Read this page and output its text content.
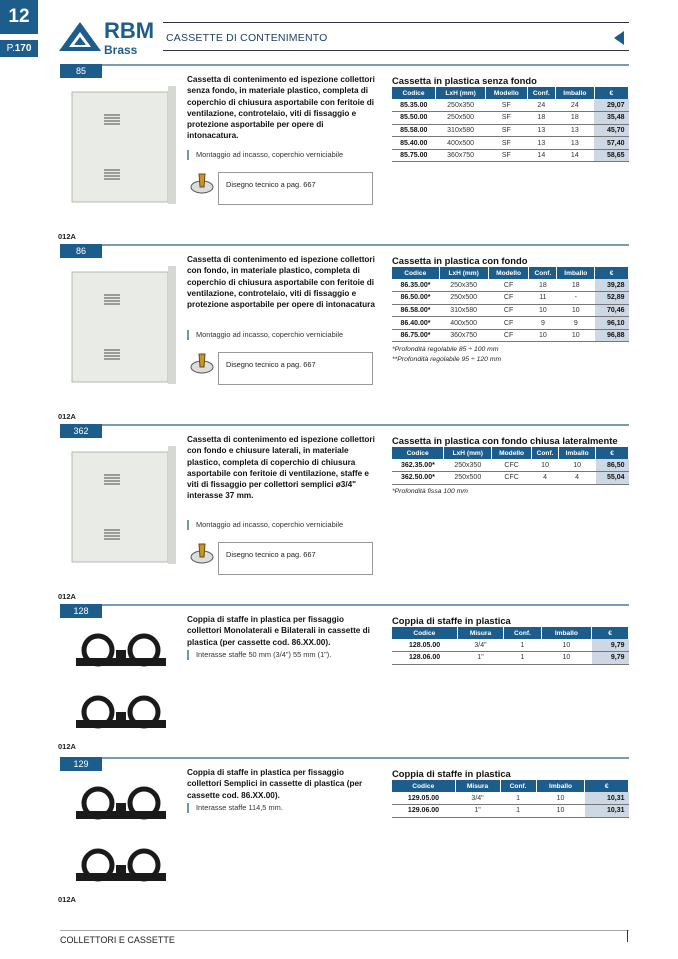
12
P.170
RBM
Brass
CASSETTE DI CONTENIMENTO
85
Cassetta di contenimento ed ispezione collettori senza fondo, in materiale plastico, completa di coperchio di chiusura asportabile con feritoie di ventilazione, controtelaio, viti di fissaggio e protezione asportabile per opere di intonacatura.
Montaggio ad incasso, coperchio verniciabile
Disegno tecnico a pag. 667
Cassetta in plastica senza fondo
Codice	LxH (mm)	Modello	Conf.	Imballo	€
85.35.00	250x350	SF	24	24	29,07
85.50.00	250x500	SF	18	18	35,48
85.58.00	310x580	SF	13	13	45,70
85.40.00	400x500	SF	13	13	57,40
85.75.00	360x750	SF	14	14	58,65
012A
86
Cassetta di contenimento ed ispezione collettori con fondo, in materiale plastico, completa di coperchio di chiusura asportabile con feritoie di ventilazione, controtelaio, viti di fissaggio e protezione asportabile per opere di intonacatura
Montaggio ad incasso, coperchio verniciabile
Disegno tecnico a pag. 667
Cassetta in plastica con fondo
Codice	LxH (mm)	Modello	Conf.	Imballo	€
86.35.00*	250x350	CF	18	18	39,28
86.50.00*	250x500	CF	11	-	52,89
86.58.00*	310x580	CF	10	10	70,46
86.40.00*	400x500	CF	9	9	96,10
86.75.00*	360x750	CF	10	10	96,88
*Profondità regolabile 85 ÷ 100 mm
**Profondità regolabile 95 ÷ 120 mm
012A
362
Cassetta di contenimento ed ispezione collettori con fondo e chiusure laterali, in materiale plastico, completa di coperchio di chiusura asportabile con feritoie di ventilazione, staffe e viti di fissaggio per collettori semplici ø3/4" interasse 37 mm.
Montaggio ad incasso, coperchio verniciabile
Disegno tecnico a pag. 667
Cassetta in plastica con fondo chiusa lateralmente
Codice	LxH (mm)	Modello	Conf.	Imballo	€
362.35.00*	250x350	CFC	10	10	86,50
362.50.00*	250x500	CFC	4	4	55,04
*Profondità fissa 100 mm
012A
128
Coppia di staffe in plastica per fissaggio collettori Monolaterali e Bilaterali in cassette di plastica (per cassette cod. 86.XX.00).
Interasse staffe 50 mm (3/4") 55 mm (1").
Coppia di staffe in plastica
Codice	Misura	Conf.	Imballo	€
128.05.00	3/4"	1	10	9,79
128.06.00	1"	1	10	9,79
012A
129
Coppia di staffe in plastica per fissaggio collettori Semplici in cassette di plastica (per cassette cod. 86.XX.00).
Interasse staffe 114,5 mm.
Coppia di staffe in plastica
Codice	Misura	Conf.	Imballo	€
129.05.00	3/4"	1	10	10,31
129.06.00	1"	1	10	10,31
012A
COLLETTORI E CASSETTE
